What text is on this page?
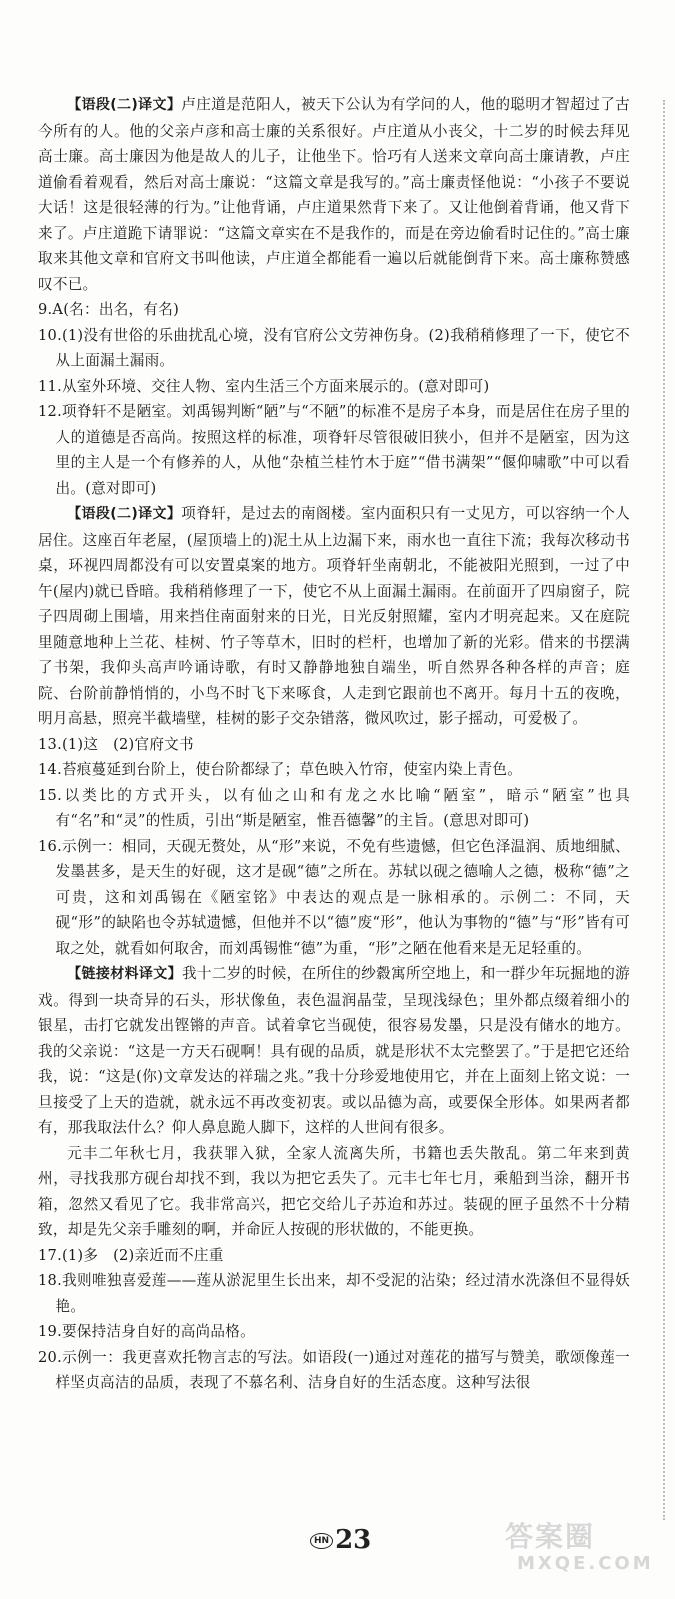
【语段(二)译文】卢庄道是范阳人，被天下公认为有学问的人，他的聪明才智超过了古今所有的人。他的父亲卢彦和高士廉的关系很好。卢庄道从小丧父，十二岁的时候去拜见高士廉。高士廉因为他是故人的儿子，让他坐下。恰巧有人送来文章向高士廉请教，卢庄道偷看着观看，然后对高士廉说：“这篇文章是我写的。”高士廉责怪他说：“小孩子不要说大话！这是很轻薄的行为。”让他背诵，卢庄道果然背下来了。又让他倒着背诵，他又背下来了。卢庄道跪下请罪说：“这篇文章实在不是我作的，而是在旁边偷看时记住的。”高士廉取来其他文章和官府文书叫他读，卢庄道全都能看一遍以后就能倒背下来。高士廉称赞感叹不已。

9.A(名：出名，有名)

10.(1)没有世俗的乐曲扰乱心境，没有官府公文劳神伤身。(2)我稍稍修理了一下，使它不从上面漏土漏雨。

11.从室外环境、交往人物、室内生活三个方面来展示的。(意对即可)

12.项脊轩不是陋室。刘禹锡判断“陋”与“不陋”的标准不是房子本身，而是居住在房子里的人的道德是否高尚。按照这样的标准，项脊轩尽管很破旧狭小，但并不是陋室，因为这里的主人是一个有修养的人，从他“杂植兰桂竹木于庭”“借书满架”“偃仰啸歌”中可以看出。(意对即可)

【语段(二)译文】项脊轩，是过去的南阁楼。室内面积只有一丈见方，可以容纳一个人居住。这座百年老屋，(屋顶墙上的)泥土从上边漏下来，雨水也一直往下流；我每次移动书桌，环视四周都没有可以安置桌案的地方。项脊轩坐南朝北，不能被阳光照到，一过了中午(屋内)就已昏暗。我稍稍修理了一下，使它不从上面漏土漏雨。在前面开了四扇窗子，院子四周砌上围墙，用来挡住南面射来的日光，日光反射照耀，室内才明亮起来。又在庭院里随意地种上兰花、桂树、竹子等草木，旧时的栏杆，也增加了新的光彩。借来的书摆满了书架，我仰头高声吟诵诗歌，有时又静静地独自端坐，听自然界各种各样的声音；庭院、台阶前静悄悄的，小鸟不时飞下来啄食，人走到它跟前也不离开。每月十五的夜晚，明月高悬，照亮半截墙壁，桂树的影子交杂错落，微风吹过，影子摇动，可爱极了。

13.(1)这　(2)官府文书

14.苔痕蔓延到台阶上，使台阶都绿了；草色映入竹帘，使室内染上青色。

15.以类比的方式开头，以有仙之山和有龙之水比喻“陋室”，暗示“陋室”也具有“名”和“灵”的性质，引出“斯是陋室，惟吾德馨”的主旨。(意思对即可)

16.示例一：相同，天砚无赘处，从“形”来说，不免有些遗憾，但它色泽温润、质地细腻、发墨甚多，是天生的好砚，这才是砚“德”之所在。苏轼以砚之德喻人之德，极称“德”之可贵，这和刘禹锡在《陋室铭》中表达的观点是一脉相承的。示例二：不同，天砚“形”的缺陷也令苏轼遗憾，但他并不以“德”废“形”，他认为事物的“德”与“形”皆有可取之处，就看如何取舍，而刘禹锡惟“德”为重，“形”之陋在他看来是无足轻重的。

【链接材料译文】我十二岁的时候，在所住的纱縠寓所空地上，和一群少年玩掘地的游戏。得到一块奇异的石头，形状像鱼，表色温润晶莹，呈现浅绿色；里外都点缀着细小的银星，击打它就发出铿锵的声音。试着拿它当砚使，很容易发墨，只是没有储水的地方。我的父亲说：“这是一方天石砚啊！具有砚的品质，就是形状不太完整罢了。”于是把它还给我，说：“这是(你)文章发达的祥瑞之兆。”我十分珍爱地使用它，并在上面刻上铭文说：一旦接受了上天的造就，就永远不再改变初衷。或以品德为高，或要保全形体。如果两者都有，那我取法什么？仰人鼻息跪人脚下，这样的人世间有很多。

元丰二年秋七月，我获罪入狱，全家人流离失所，书籍也丢失散乱。第二年来到黄州，寻找我那方砚台却找不到，我以为把它丢失了。元丰七年七月，乘船到当涂，翻开书箱，忽然又看见了它。我非常高兴，把它交给儿子苏迨和苏过。装砚的匣子虽然不十分精致，却是先父亲手雕刻的啊，并命匠人按砚的形状做的，不能更换。

17.(1)多　(2)亲近而不庄重

18.我则唯独喜爱莲——莲从淤泥里生长出来，却不受泥的沾染；经过清水洗涤但不显得妖艳。

19.要保持洁身自好的高尚品格。

20.示例一：我更喜欢托物言志的写法。如语段(一)通过对莲花的描写与赞美，歌颂像莲一样坚贞高洁的品质，表现了不慕名利、洁身自好的生活态度。这种写法很

HN 23	答案圈
MXQE.COM
